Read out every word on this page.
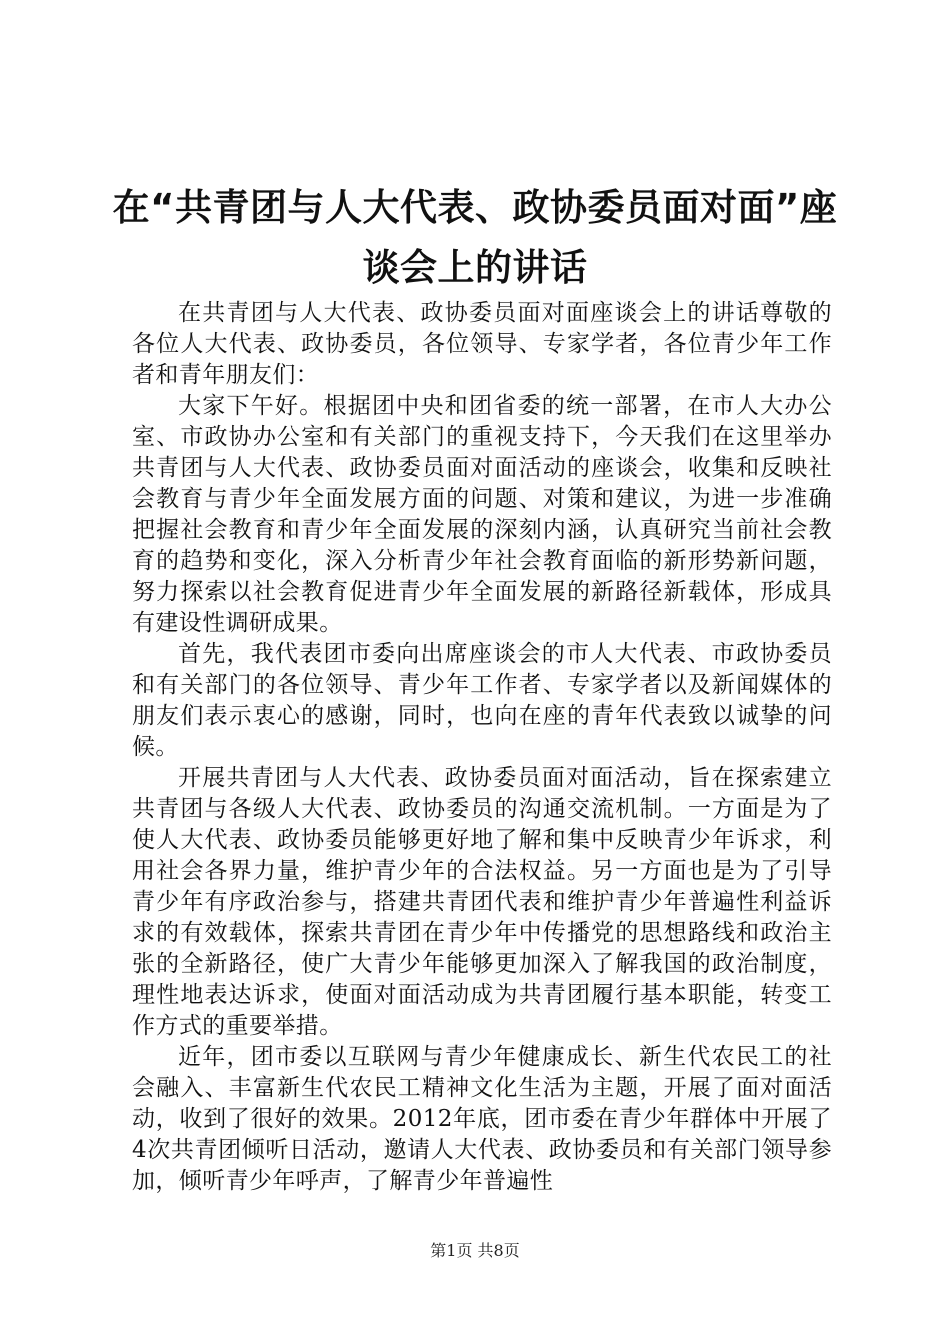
在“共青团与人大代表、政协委员面对面”座
谈会上的讲话

在共青团与人大代表、政协委员面对面座谈会上的讲话尊敬的各位人大代表、政协委员，各位领导、专家学者，各位青少年工作者和青年朋友们：

大家下午好。根据团中央和团省委的统一部署，在市人大办公室、市政协办公室和有关部门的重视支持下，今天我们在这里举办共青团与人大代表、政协委员面对面活动的座谈会，收集和反映社会教育与青少年全面发展方面的问题、对策和建议，为进一步准确把握社会教育和青少年全面发展的深刻内涵，认真研究当前社会教育的趋势和变化，深入分析青少年社会教育面临的新形势新问题，努力探索以社会教育促进青少年全面发展的新路径新载体，形成具有建设性调研成果。

首先，我代表团市委向出席座谈会的市人大代表、市政协委员和有关部门的各位领导、青少年工作者、专家学者以及新闻媒体的朋友们表示衷心的感谢，同时，也向在座的青年代表致以诚挚的问候。

开展共青团与人大代表、政协委员面对面活动，旨在探索建立共青团与各级人大代表、政协委员的沟通交流机制。一方面是为了使人大代表、政协委员能够更好地了解和集中反映青少年诉求，利用社会各界力量，维护青少年的合法权益。另一方面也是为了引导青少年有序政治参与，搭建共青团代表和维护青少年普遍性利益诉求的有效载体，探索共青团在青少年中传播党的思想路线和政治主张的全新路径，使广大青少年能够更加深入了解我国的政治制度，理性地表达诉求，使面对面活动成为共青团履行基本职能，转变工作方式的重要举措。

近年，团市委以互联网与青少年健康成长、新生代农民工的社会融入、丰富新生代农民工精神文化生活为主题，开展了面对面活动，收到了很好的效果。2012年底，团市委在青少年群体中开展了4次共青团倾听日活动，邀请人大代表、政协委员和有关部门领导参加，倾听青少年呼声，了解青少年普遍性

第1页 共8页
